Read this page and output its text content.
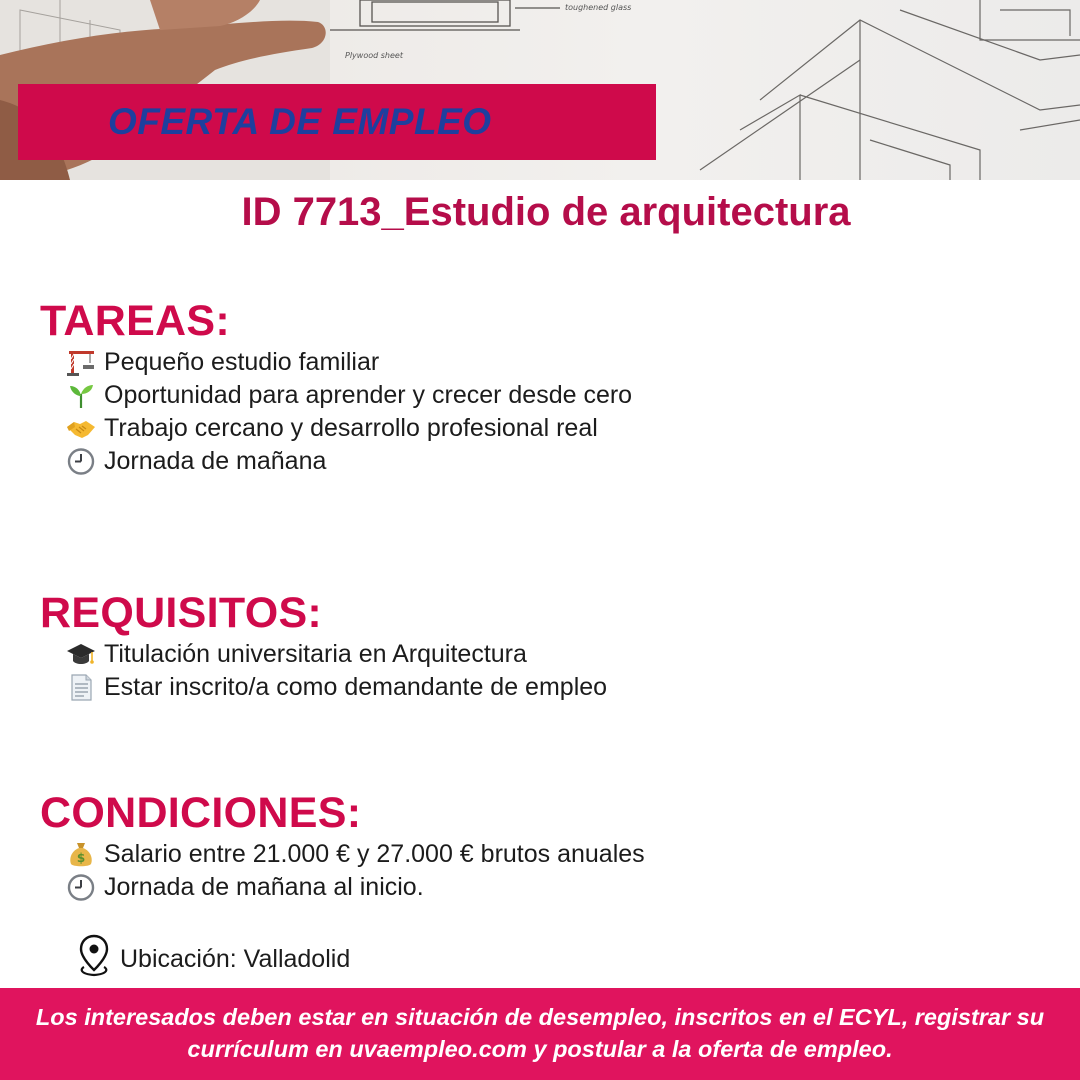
toughened glass
Plywood sheet
OFERTA DE EMPLEO
ID 7713_Estudio de arquitectura
TAREAS:
Pequeño estudio familiar
Oportunidad para aprender y crecer desde cero
Trabajo cercano y desarrollo profesional real
Jornada de mañana
REQUISITOS:
Titulación universitaria en Arquitectura
Estar inscrito/a como demandante de empleo
CONDICIONES:
$ Salario entre 21.000 € y 27.000 € brutos anuales
Jornada de mañana al inicio.
Ubicación: Valladolid

Los interesados deben estar en situación de desempleo, inscritos en el ECYL, registrar su
currículum en uvaempleo.com y postular a la oferta de empleo.
